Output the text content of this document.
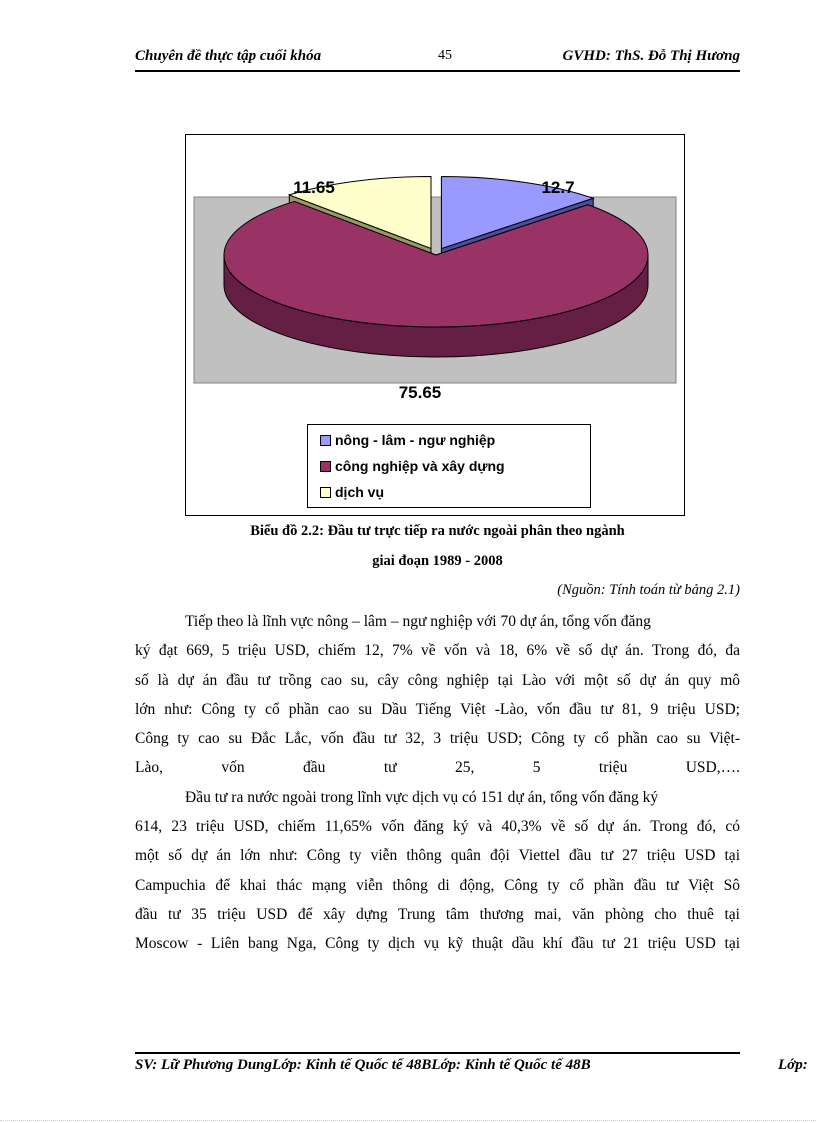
Chuyên đề thực tập cuối khóa	45	GVHD: ThS. Đỗ Thị Hương
12.7
75.65
11.65
nông - lâm - ngư nghiệp
công nghiệp và xây dựng
dịch vụ
Biểu đồ 2.2: Đầu tư trực tiếp ra nước ngoài phân theo ngành
giai đoạn 1989 - 2008
(Nguồn: Tính toán từ bảng 2.1)
Tiếp theo là lĩnh vực nông – lâm – ngư nghiệp với 70 dự án, tổng vốn đăng
ký đạt 669, 5 triệu USD, chiếm 12, 7% về vốn và 18, 6% về số dự án. Trong đó, đa
số là dự án đầu tư trồng cao su, cây công nghiệp tại Lào với một số dự án quy mô
lớn như: Công ty cổ phần cao su Dầu Tiếng Việt -Lào, vốn đầu tư 81, 9 triệu USD;
Công ty cao su Đắc Lắc, vốn đầu tư 32, 3 triệu USD; Công ty cổ phần cao su Việt-
Lào, vốn đầu tư 25, 5 triệu USD,….
Đầu tư ra nước ngoài trong lĩnh vực dịch vụ có 151 dự án, tổng vốn đăng ký
614, 23 triệu USD, chiếm 11,65% vốn đăng ký và 40,3% về số dự án. Trong đó, có
một số dự án lớn như: Công ty viễn thông quân đội Viettel đầu tư 27 triệu USD tại
Campuchia để khai thác mạng viễn thông di động, Công ty cổ phần đầu tư Việt Sô
đầu tư 35 triệu USD để xây dựng Trung tâm thương mai, văn phòng cho thuê tại
Moscow - Liên bang Nga, Công ty dịch vụ kỹ thuật dầu khí đầu tư 21 triệu USD tại
SV: Lữ Phương DungLớp: Kinh tế Quốc tế 48BLớp: Kinh tế Quốc tế 48B	Lớp:
